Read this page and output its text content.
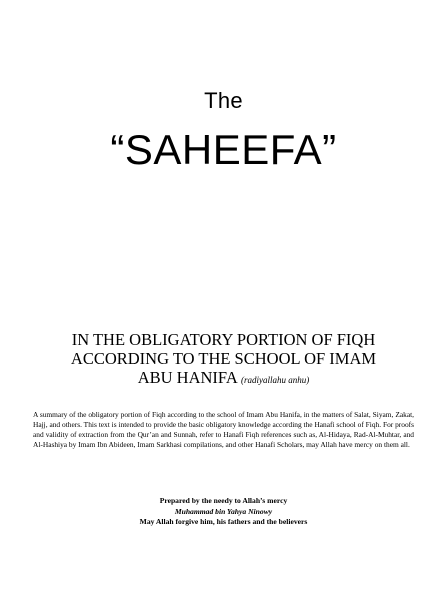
The
“SAHEEFA”
IN THE OBLIGATORY PORTION OF FIQH
ACCORDING TO THE SCHOOL OF IMAM
ABU HANIFA (radiyallahu anhu)

A summary of the obligatory portion of Fiqh according to the school of Imam Abu Hanifa, in the matters of Salat, Siyam, Zakat, Hajj, and others. This text is intended to provide the basic obligatory knowledge according the Hanafi school of Fiqh. For proofs and validity of extraction from the Qur’an and Sunnah, refer to Hanafi Fiqh references such as, Al-Hidaya, Rad-Al-Muhtar, and Al-Hashiya by Imam Ibn Abideen, Imam Sarkhasi compilations, and other Hanafi Scholars, may Allah have mercy on them all.

Prepared by the needy to Allah’s mercy
Muhammad bin Yahya Ninowy
May Allah forgive him, his fathers and the believers
